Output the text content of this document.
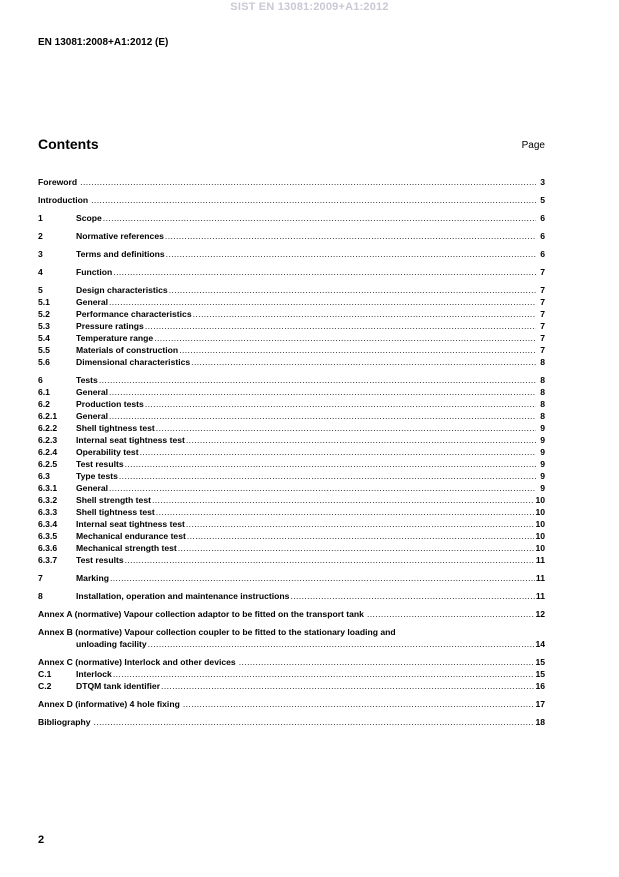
SIST EN 13081:2009+A1:2012
EN 13081:2008+A1:2012 (E)
Contents	Page
Foreword .....	3
Introduction .....	5
1	Scope .....	6
2	Normative references .....	6
3	Terms and definitions .....	6
4	Function .....	7
5	Design characteristics .....	7
5.1	General .....	7
5.2	Performance characteristics .....	7
5.3	Pressure ratings .....	7
5.4	Temperature range .....	7
5.5	Materials of construction .....	7
5.6	Dimensional characteristics .....	8
6	Tests .....	8
6.1	General .....	8
6.2	Production tests .....	8
6.2.1	General .....	8
6.2.2	Shell tightness test .....	9
6.2.3	Internal seat tightness test .....	9
6.2.4	Operability test .....	9
6.2.5	Test results .....	9
6.3	Type tests .....	9
6.3.1	General .....	9
6.3.2	Shell strength test .....	10
6.3.3	Shell tightness test .....	10
6.3.4	Internal seat tightness test .....	10
6.3.5	Mechanical endurance test .....	10
6.3.6	Mechanical strength test .....	10
6.3.7	Test results .....	11
7	Marking .....	11
8	Installation, operation and maintenance instructions .....	11
Annex A (normative) Vapour collection adaptor to be fitted on the transport tank .....	12
Annex B (normative) Vapour collection coupler to be fitted to the stationary loading and
unloading facility .....	14
Annex C (normative) Interlock and other devices .....	15
C.1	Interlock .....	15
C.2	DTQM tank identifier .....	16
Annex D (informative) 4 hole fixing .....	17
Bibliography .....	18
2
